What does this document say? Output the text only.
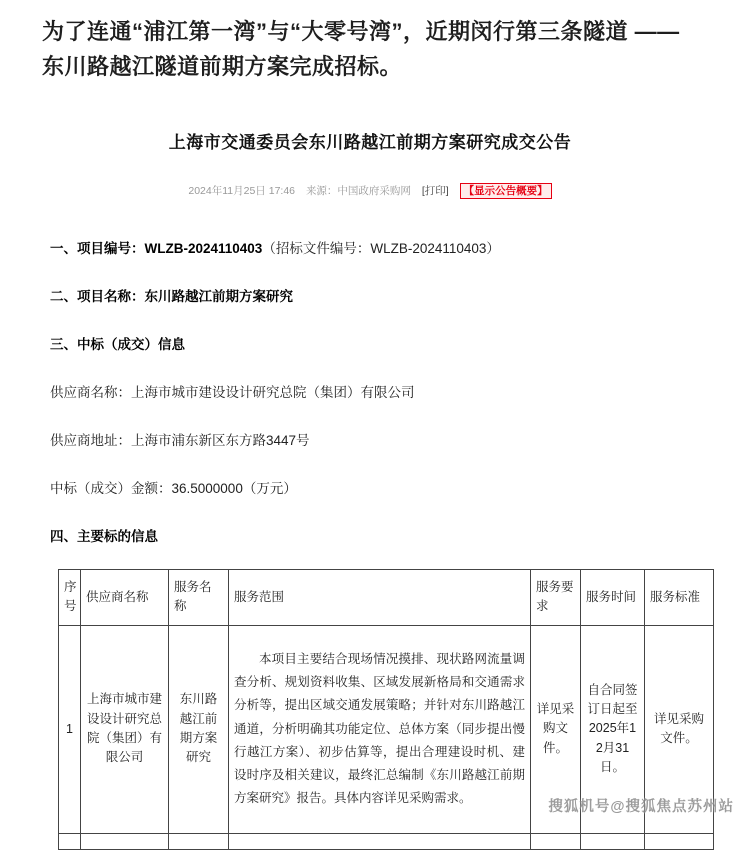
为了连通“浦江第一湾”与“大零号湾”，近期闵行第三条隧道 —— 东川路越江隧道前期方案完成招标。

上海市交通委员会东川路越江前期方案研究成交公告
2024年11月25日 17:46 来源：中国政府采购网 [打印] 【显示公告概要】

一、项目编号：WLZB-2024110403（招标文件编号：WLZB-2024110403）

二、项目名称：东川路越江前期方案研究

三、中标（成交）信息

供应商名称：上海市城市建设设计研究总院（集团）有限公司

供应商地址：上海市浦东新区东方路3447号

中标（成交）金额：36.5000000（万元）

四、主要标的信息

序号	供应商名称	服务名称	服务范围	服务要求	服务时间	服务标准
1	上海市城市建设设计研究总院（集团）有限公司	东川路越江前期方案研究	本项目主要结合现场情况摸排、现状路网流量调查分析、规划资料收集、区域发展新格局和交通需求分析等，提出区域交通发展策略；并针对东川路越江通道，分析明确其功能定位、总体方案（同步提出慢行越江方案）、初步估算等，提出合理建设时机、建设时序及相关建议，最终汇总编制《东川路越江前期方案研究》报告。具体内容详见采购需求。	详见采购文件。	自合同签订日起至2025年12月31日。	详见采购文件。

搜狐机号@搜狐焦点苏州站
